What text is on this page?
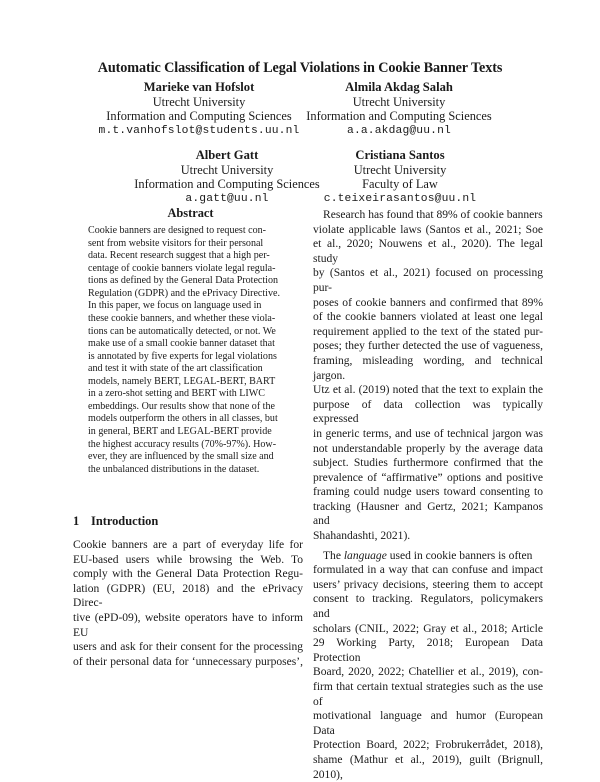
Automatic Classification of Legal Violations in Cookie Banner Texts
Marieke van Hofslot
Utrecht University
Information and Computing Sciences
m.t.vanhofslot@students.uu.nl
Almila Akdag Salah
Utrecht University
Information and Computing Sciences
a.a.akdag@uu.nl
Albert Gatt
Utrecht University
Information and Computing Sciences
a.gatt@uu.nl
Cristiana Santos
Utrecht University
Faculty of Law
c.teixeirasantos@uu.nl
Abstract
Cookie banners are designed to request con-
sent from website visitors for their personal
data. Recent research suggest that a high per-
centage of cookie banners violate legal regula-
tions as defined by the General Data Protection
Regulation (GDPR) and the ePrivacy Directive.
In this paper, we focus on language used in
these cookie banners, and whether these viola-
tions can be automatically detected, or not. We
make use of a small cookie banner dataset that
is annotated by five experts for legal violations
and test it with state of the art classification
models, namely BERT, LEGAL-BERT, BART
in a zero-shot setting and BERT with LIWC
embeddings. Our results show that none of the
models outperform the others in all classes, but
in general, BERT and LEGAL-BERT provide
the highest accuracy results (70%-97%). How-
ever, they are influenced by the small size and
the unbalanced distributions in the dataset.
1 Introduction
Cookie banners are a part of everyday life for
EU-based users while browsing the Web. To
comply with the General Data Protection Regu-
lation (GDPR) (EU, 2018) and the ePrivacy Direc-
tive (ePD-09), website operators have to inform EU
users and ask for their consent for the processing
of their personal data for ‘unnecessary purposes’,
Research has found that 89% of cookie banners
violate applicable laws (Santos et al., 2021; Soe
et al., 2020; Nouwens et al., 2020). The legal study
by (Santos et al., 2021) focused on processing pur-
poses of cookie banners and confirmed that 89%
of the cookie banners violated at least one legal
requirement applied to the text of the stated pur-
poses; they further detected the use of vagueness,
framing, misleading wording, and technical jargon.
Utz et al. (2019) noted that the text to explain the
purpose of data collection was typically expressed
in generic terms, and use of technical jargon was
not understandable properly by the average data
subject. Studies furthermore confirmed that the
prevalence of “affirmative” options and positive
framing could nudge users toward consenting to
tracking (Hausner and Gertz, 2021; Kampanos and
Shahandashti, 2021).
The language used in cookie banners is often
formulated in a way that can confuse and impact
users’ privacy decisions, steering them to accept
consent to tracking. Regulators, policymakers and
scholars (CNIL, 2022; Gray et al., 2018; Article
29 Working Party, 2018; European Data Protection
Board, 2020, 2022; Chatellier et al., 2019), con-
firm that certain textual strategies such as the use of
motivational language and humor (European Data
Protection Board, 2022; Frobrukerrådet, 2018),
shame (Mathur et al., 2019), guilt (Brignull, 2010),
